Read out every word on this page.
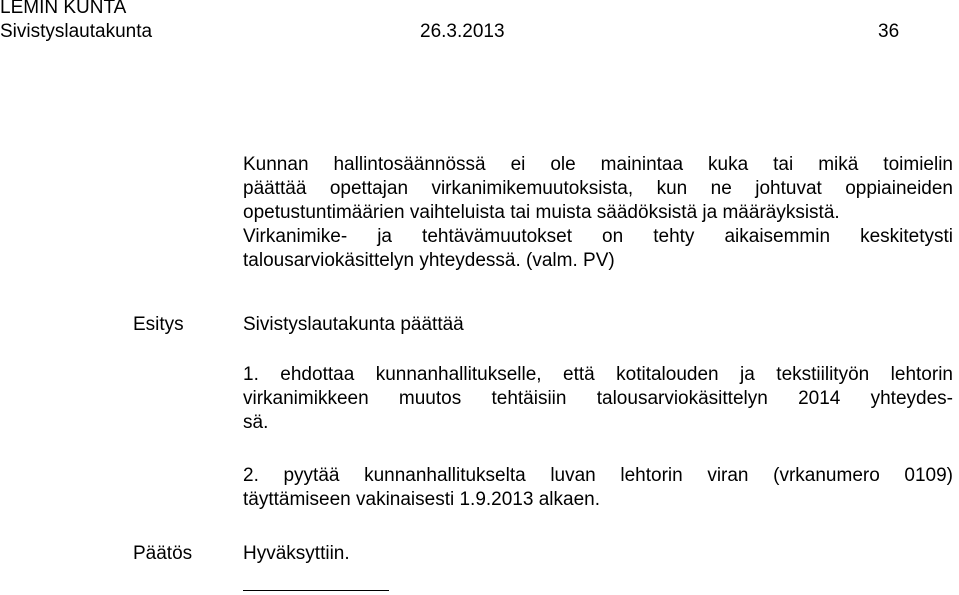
LEMIN KUNTA
Sivistyslautakunta	26.3.2013	36
Kunnan hallintosäännössä ei ole mainintaa kuka tai mikä toimielin
päättää opettajan virkanimikemuutoksista, kun ne johtuvat oppiaineiden
opetustuntimäärien vaihteluista tai muista säädöksistä ja määräyksistä.
Virkanimike- ja tehtävämuutokset on tehty aikaisemmin keskitetysti
talousarviokäsittelyn yhteydessä. (valm. PV)
Esitys	Sivistyslautakunta päättää
1. ehdottaa kunnanhallitukselle, että kotitalouden ja tekstiilityön lehtorin
virkanimikkeen muutos tehtäisiin talousarviokäsittelyn 2014 yhteydes-
sä.
2. pyytää kunnanhallitukselta luvan lehtorin viran (vrkanumero 0109)
täyttämiseen vakinaisesti 1.9.2013 alkaen.
Päätös	Hyväksyttiin.
